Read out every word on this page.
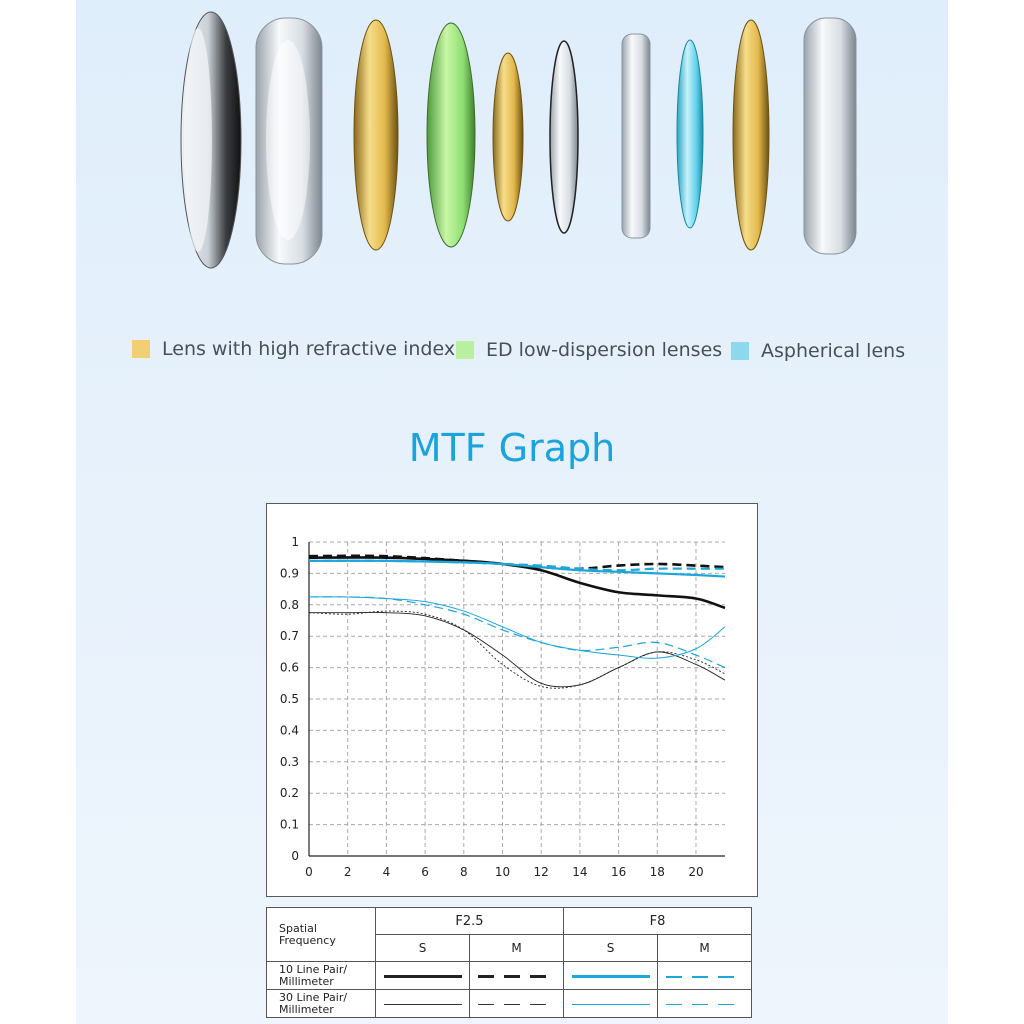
Lens with high refractive index ED low-dispersion lenses Aspherical lens
MTF Graph
0
0.1
0.2
0.3
0.4
0.5
0.6
0.7
0.8
0.9
1
0	2	4	6	8 10 12 14 16 18 20
Spatial Frequency	F2.5		F8	
	S	M	S	M
10 Line Pair/ Millimeter				
30 Line Pair/ Millimeter				
